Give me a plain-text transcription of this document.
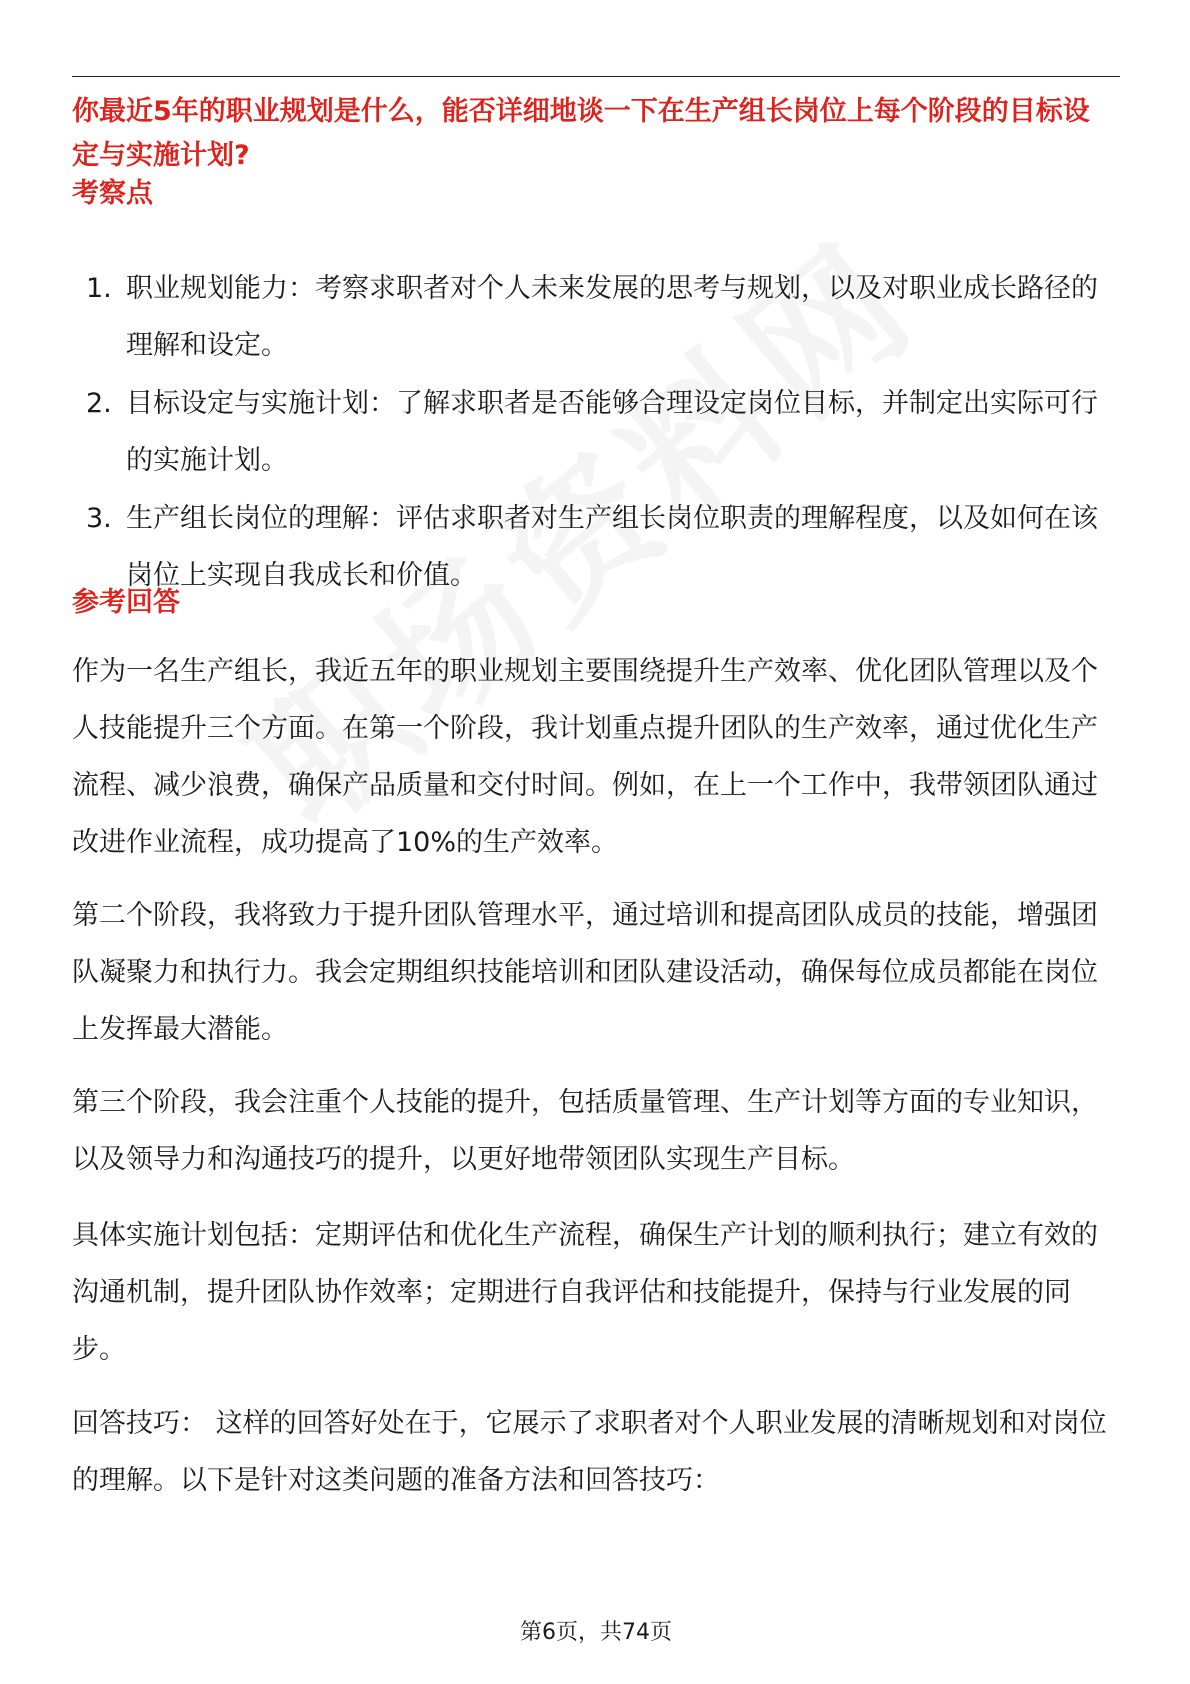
你最近5年的职业规划是什么，能否详细地谈一下在生产组长岗位上每个阶段的目标设定与实施计划?
考察点
1. 职业规划能力：考察求职者对个人未来发展的思考与规划，以及对职业成长路径的理解和设定。
2. 目标设定与实施计划：了解求职者是否能够合理设定岗位目标，并制定出实际可行的实施计划。
3. 生产组长岗位的理解：评估求职者对生产组长岗位职责的理解程度，以及如何在该岗位上实现自我成长和价值。
参考回答

作为一名生产组长，我近五年的职业规划主要围绕提升生产效率、优化团队管理以及个人技能提升三个方面。在第一个阶段，我计划重点提升团队的生产效率，通过优化生产流程、减少浪费，确保产品质量和交付时间。例如，在上一个工作中，我带领团队通过改进作业流程，成功提高了10%的生产效率。

第二个阶段，我将致力于提升团队管理水平，通过培训和提高团队成员的技能，增强团队凝聚力和执行力。我会定期组织技能培训和团队建设活动，确保每位成员都能在岗位上发挥最大潜能。

第三个阶段，我会注重个人技能的提升，包括质量管理、生产计划等方面的专业知识，以及领导力和沟通技巧的提升，以更好地带领团队实现生产目标。

具体实施计划包括：定期评估和优化生产流程，确保生产计划的顺利执行；建立有效的沟通机制，提升团队协作效率；定期进行自我评估和技能提升，保持与行业发展的同步。

回答技巧： 这样的回答好处在于，它展示了求职者对个人职业发展的清晰规划和对岗位的理解。以下是针对这类问题的准备方法和回答技巧：

第6页，共74页
